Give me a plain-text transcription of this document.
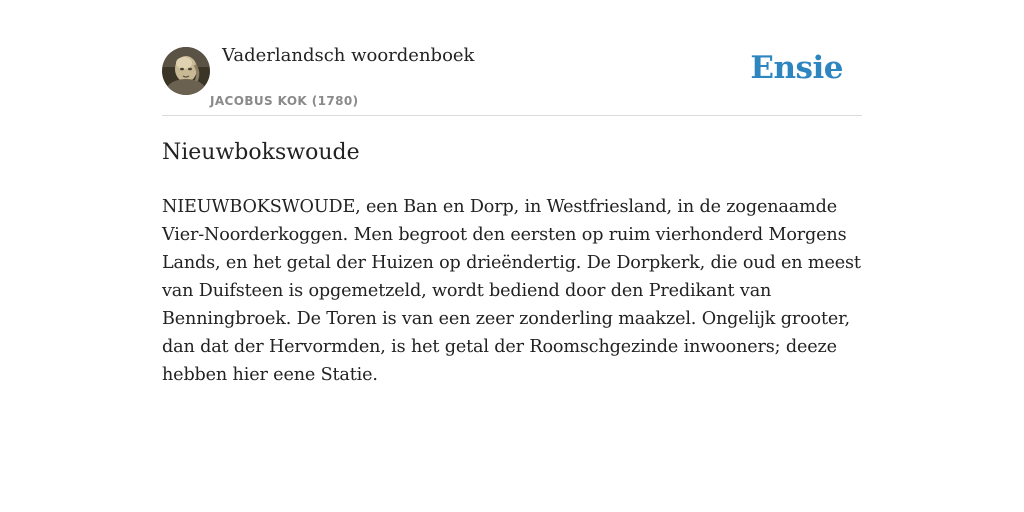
Vaderlandsch woordenboek
JACOBUS KOK (1780)
Ensie
Nieuwbokswoude

NIEUWBOKSWOUDE, een Ban en Dorp, in Westfriesland, in de zogenaamde Vier-Noorderkoggen. Men begroot den eersten op ruim vierhonderd Morgens Lands, en het getal der Huizen op drieëndertig. De Dorpkerk, die oud en meest van Duifsteen is opgemetzeld, wordt bediend door den Predikant van Benningbroek. De Toren is van een zeer zonderling maakzel. Ongelijk grooter, dan dat der Hervormden, is het getal der Roomschgezinde inwooners; deeze hebben hier eene Statie.
